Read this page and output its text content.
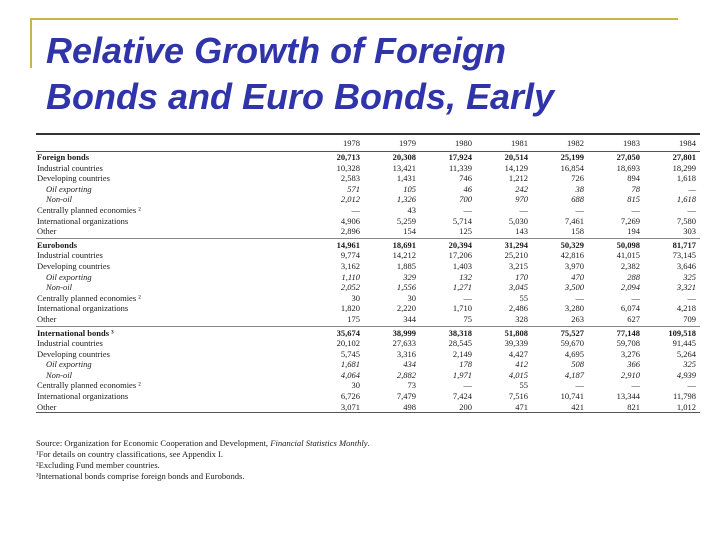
Relative Growth of Foreign
Bonds and Euro Bonds, Early
	1978	1979	1980	1981	1982	1983	1984
Foreign bonds	20,713	20,308	17,924	20,514	25,199	27,050	27,801
Industrial countries	10,328	13,421	11,339	14,129	16,854	18,693	18,299
Developing countries	2,583	1,431	746	1,212	726	894	1,618
Oil exporting	571	105	46	242	38	78	—
Non-oil	2,012	1,326	700	970	688	815	1,618
Centrally planned economies ²	—	43	—	—	—	—	—
International organizations	4,906	5,259	5,714	5,030	7,461	7,269	7,580
Other	2,896	154	125	143	158	194	303
Eurobonds	14,961	18,691	20,394	31,294	50,329	50,098	81,717
Industrial countries	9,774	14,212	17,206	25,210	42,816	41,015	73,145
Developing countries	3,162	1,885	1,403	3,215	3,970	2,382	3,646
Oil exporting	1,110	329	132	170	470	288	325
Non-oil	2,052	1,556	1,271	3,045	3,500	2,094	3,321
Centrally planned economies ²	30	30	—	55	—	—	—
International organizations	1,820	2,220	1,710	2,486	3,280	6,074	4,218
Other	175	344	75	328	263	627	709
International bonds ³	35,674	38,999	38,318	51,808	75,527	77,148	109,518
Industrial countries	20,102	27,633	28,545	39,339	59,670	59,708	91,445
Developing countries	5,745	3,316	2,149	4,427	4,695	3,276	5,264
Oil exporting	1,681	434	178	412	508	366	325
Non-oil	4,064	2,882	1,971	4,015	4,187	2,910	4,939
Centrally planned economies ²	30	73	—	55	—	—	—
International organizations	6,726	7,479	7,424	7,516	10,741	13,344	11,798
Other	3,071	498	200	471	421	821	1,012
Source: Organization for Economic Cooperation and Development, Financial Statistics Monthly.
¹For details on country classifications, see Appendix I.
²Excluding Fund member countries.
³International bonds comprise foreign bonds and Eurobonds.
